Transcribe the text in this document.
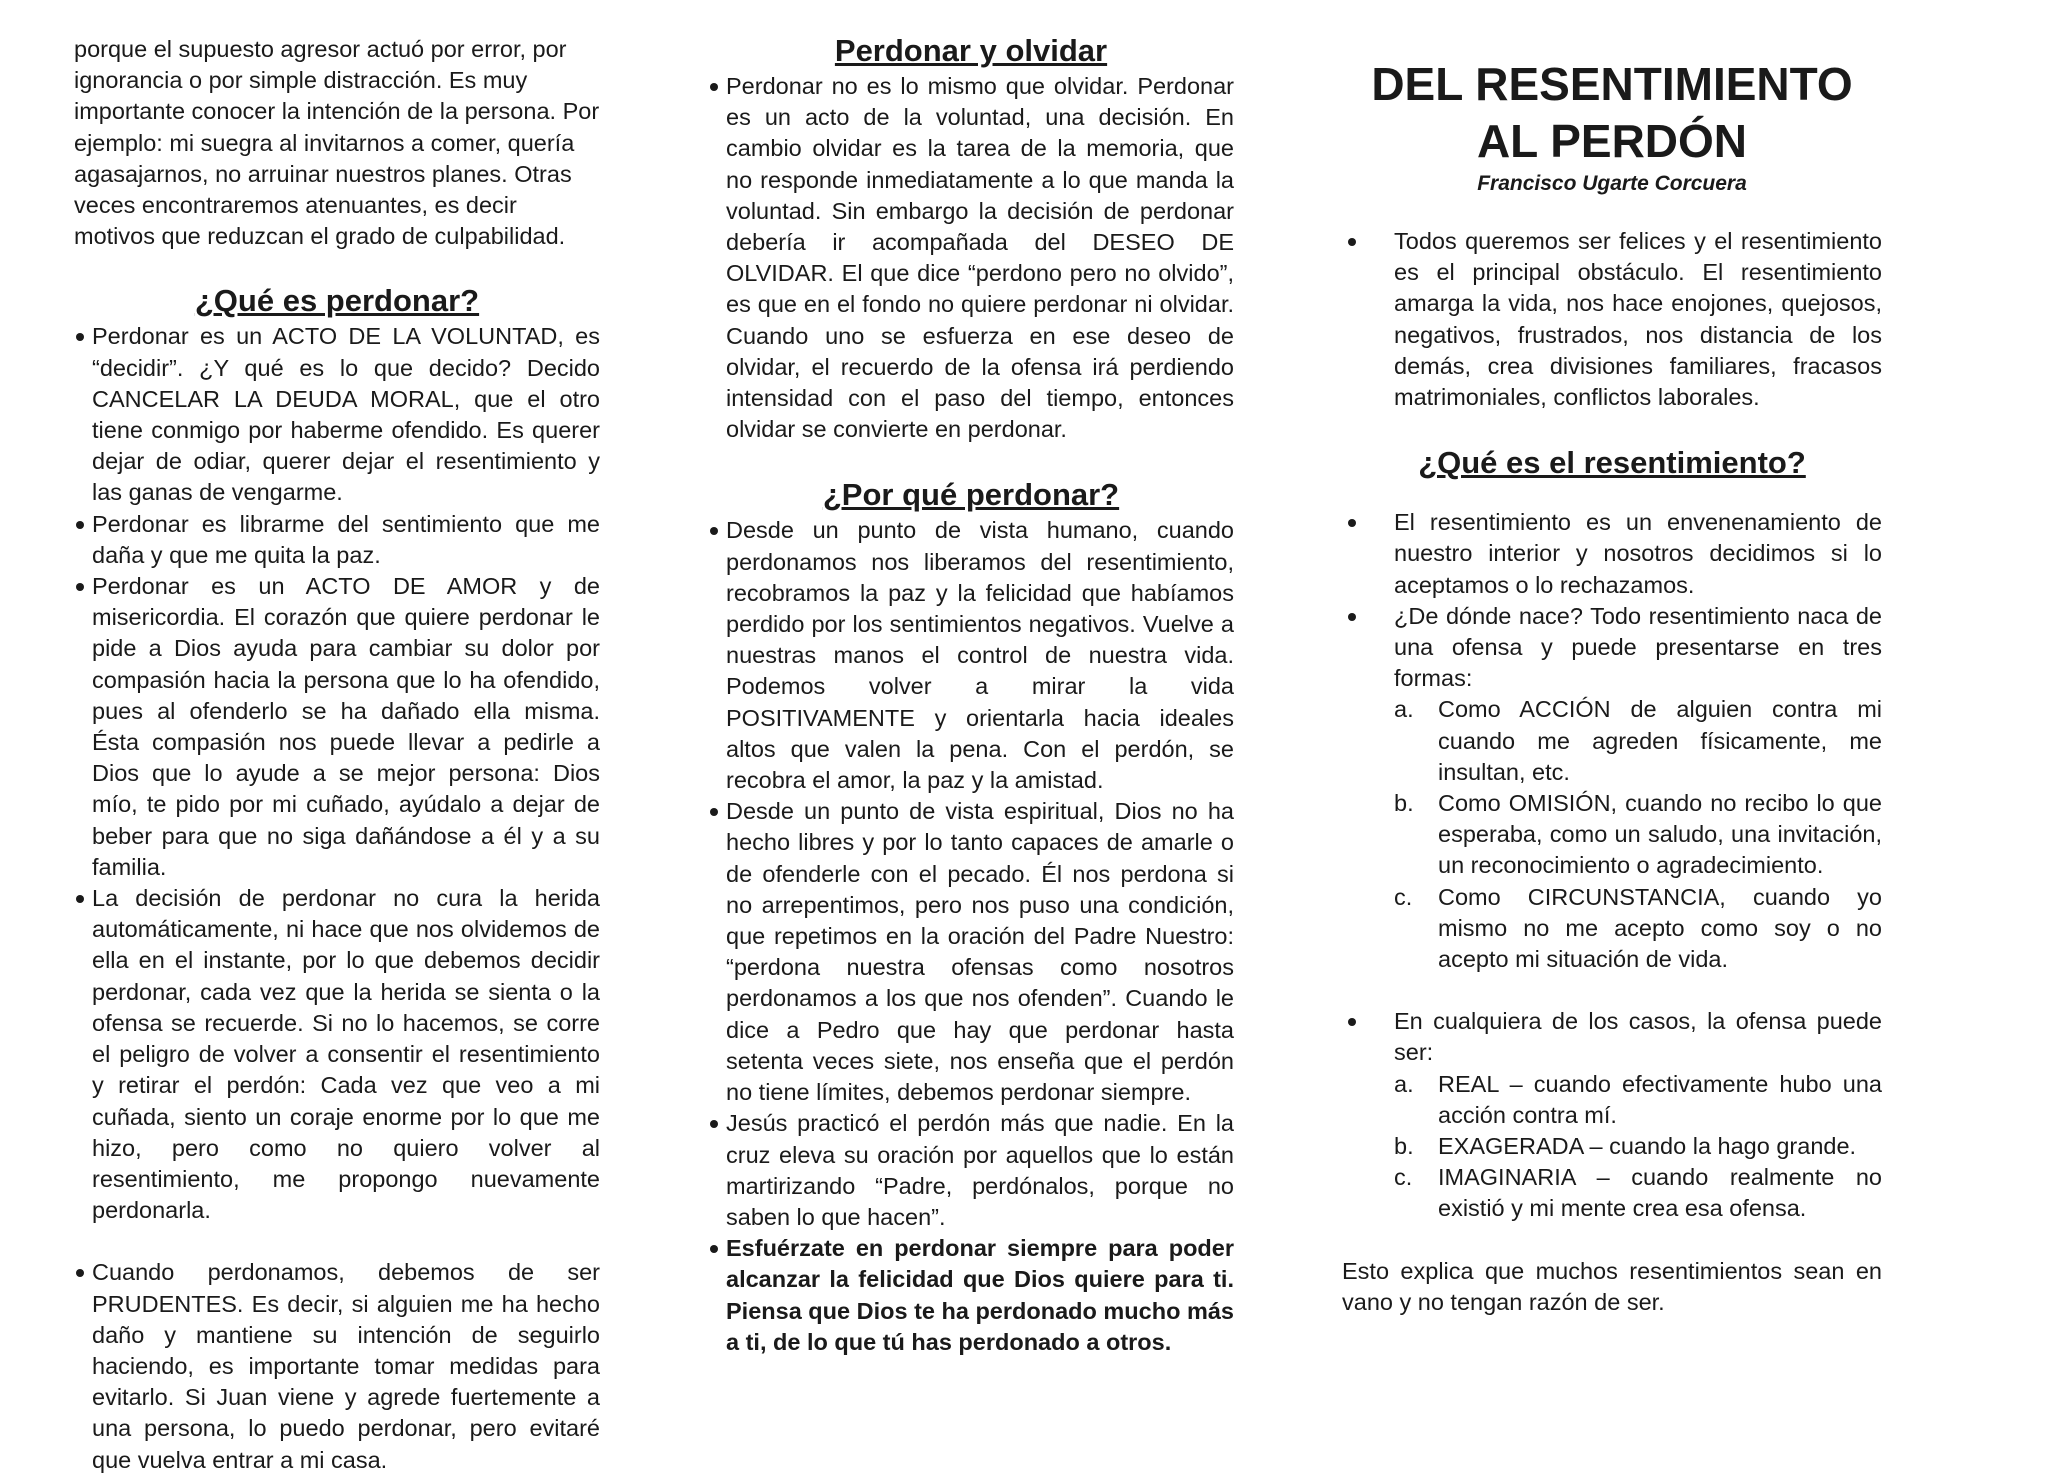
porque el supuesto agresor actuó por error, por ignorancia o por simple distracción. Es muy importante conocer la intención de la persona. Por ejemplo: mi suegra al invitarnos a comer, quería agasajarnos, no arruinar nuestros planes. Otras veces encontraremos atenuantes, es decir motivos que reduzcan el grado de culpabilidad.

¿Qué es perdonar?
Perdonar es un ACTO DE LA VOLUNTAD, es “decidir”. ¿Y qué es lo que decido? Decido CANCELAR LA DEUDA MORAL, que el otro tiene conmigo por haberme ofendido. Es querer dejar de odiar, querer dejar el resentimiento y las ganas de vengarme.
Perdonar es librarme del sentimiento que me daña y que me quita la paz.
Perdonar es un ACTO DE AMOR y de misericordia. El corazón que quiere perdonar le pide a Dios ayuda para cambiar su dolor por compasión hacia la persona que lo ha ofendido, pues al ofenderlo se ha dañado ella misma. Ésta compasión nos puede llevar a pedirle a Dios que lo ayude a se mejor persona: Dios mío, te pido por mi cuñado, ayúdalo a dejar de beber para que no siga dañándose a él y a su familia.
La decisión de perdonar no cura la herida automáticamente, ni hace que nos olvidemos de ella en el instante, por lo que debemos decidir perdonar, cada vez que la herida se sienta o la ofensa se recuerde. Si no lo hacemos, se corre el peligro de volver a consentir el resentimiento y retirar el perdón: Cada vez que veo a mi cuñada, siento un coraje enorme por lo que me hizo, pero como no quiero volver al resentimiento, me propongo nuevamente perdonarla.
Cuando perdonamos, debemos de ser PRUDENTES. Es decir, si alguien me ha hecho daño y mantiene su intención de seguirlo haciendo, es importante tomar medidas para evitarlo. Si Juan viene y agrede fuertemente a una persona, lo puedo perdonar, pero evitaré que vuelva entrar a mi casa.
Perdonar y olvidar
Perdonar no es lo mismo que olvidar. Perdonar es un acto de la voluntad, una decisión. En cambio olvidar es la tarea de la memoria, que no responde inmediatamente a lo que manda la voluntad. Sin embargo la decisión de perdonar debería ir acompañada del DESEO DE OLVIDAR. El que dice “perdono pero no olvido”, es que en el fondo no quiere perdonar ni olvidar. Cuando uno se esfuerza en ese deseo de olvidar, el recuerdo de la ofensa irá perdiendo intensidad con el paso del tiempo, entonces olvidar se convierte en perdonar.
¿Por qué perdonar?
Desde un punto de vista humano, cuando perdonamos nos liberamos del resentimiento, recobramos la paz y la felicidad que habíamos perdido por los sentimientos negativos. Vuelve a nuestras manos el control de nuestra vida. Podemos volver a mirar la vida POSITIVAMENTE y orientarla hacia ideales altos que valen la pena. Con el perdón, se recobra el amor, la paz y la amistad.
Desde un punto de vista espiritual, Dios no ha hecho libres y por lo tanto capaces de amarle o de ofenderle con el pecado. Él nos perdona si no arrepentimos, pero nos puso una condición, que repetimos en la oración del Padre Nuestro: “perdona nuestra ofensas como nosotros perdonamos a los que nos ofenden”. Cuando le dice a Pedro que hay que perdonar hasta setenta veces siete, nos enseña que el perdón no tiene límites, debemos perdonar siempre.
Jesús practicó el perdón más que nadie. En la cruz eleva su oración por aquellos que lo están martirizando “Padre, perdónalos, porque no saben lo que hacen”.
Esfuérzate en perdonar siempre para poder alcanzar la felicidad que Dios quiere para ti. Piensa que Dios te ha perdonado mucho más a ti, de lo que tú has perdonado a otros.
DEL RESENTIMIENTO
AL PERDÓN
Francisco Ugarte Corcuera
Todos queremos ser felices y el resentimiento es el principal obstáculo. El resentimiento amarga la vida, nos hace enojones, quejosos, negativos, frustrados, nos distancia de los demás, crea divisiones familiares, fracasos matrimoniales, conflictos laborales.
¿Qué es el resentimiento?
El resentimiento es un envenenamiento de nuestro interior y nosotros decidimos si lo aceptamos o lo rechazamos.
¿De dónde nace? Todo resentimiento naca de una ofensa y puede presentarse en tres formas:
a. Como ACCIÓN de alguien contra mi cuando me agreden físicamente, me insultan, etc.
b. Como OMISIÓN, cuando no recibo lo que esperaba, como un saludo, una invitación, un reconocimiento o agradecimiento.
c. Como CIRCUNSTANCIA, cuando yo mismo no me acepto como soy o no acepto mi situación de vida.
En cualquiera de los casos, la ofensa puede ser:
a. REAL – cuando efectivamente hubo una acción contra mí.
b. EXAGERADA – cuando la hago grande.
c. IMAGINARIA – cuando realmente no existió y mi mente crea esa ofensa.

Esto explica que muchos resentimientos sean en vano y no tengan razón de ser.
